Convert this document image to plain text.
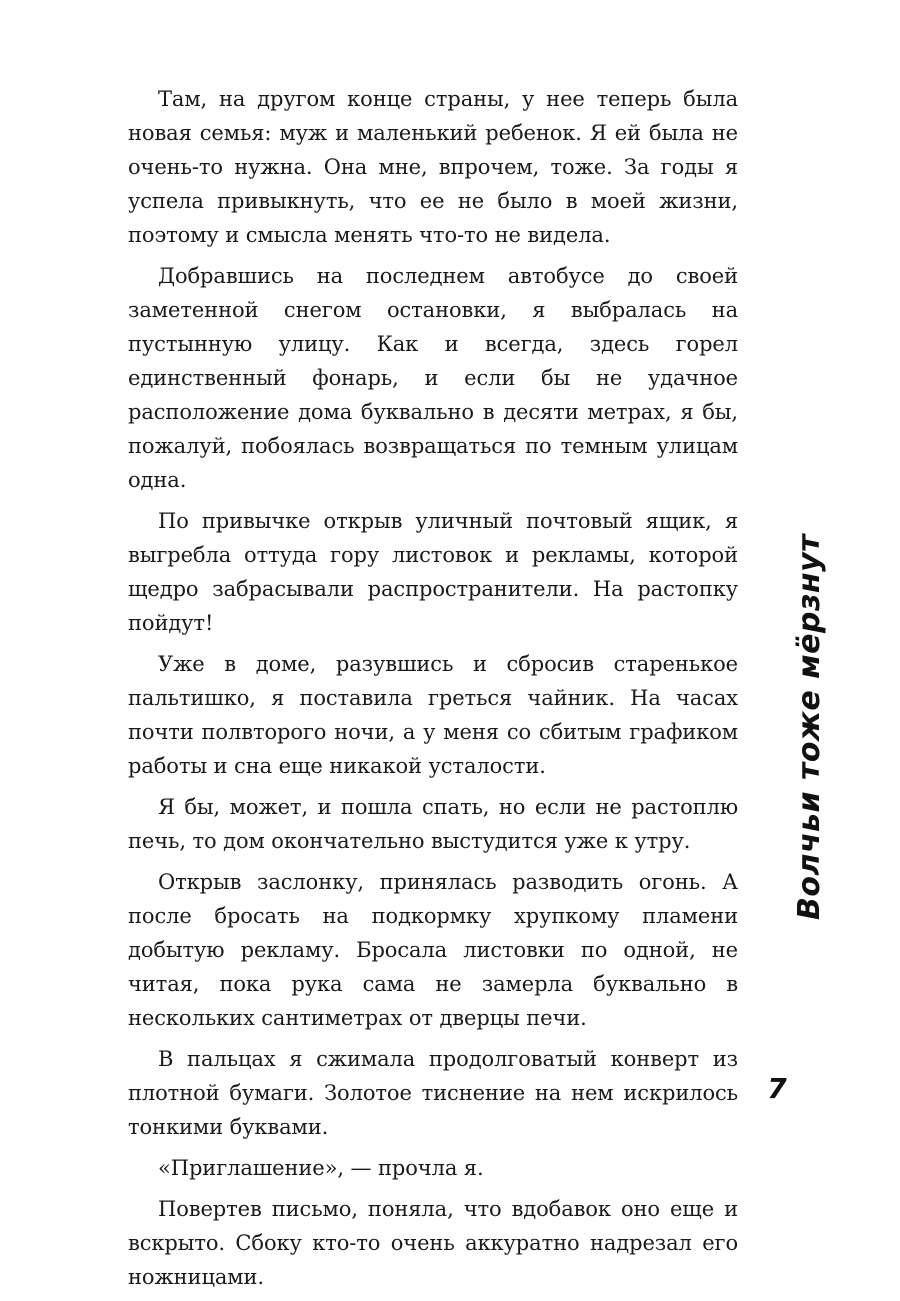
Там, на другом конце страны, у нее теперь была новая семья: муж и маленький ребенок. Я ей была не очень-то нужна. Она мне, впрочем, тоже. За годы я успела привыкнуть, что ее не было в моей жизни, поэтому и смысла менять что-то не видела.

Добравшись на последнем автобусе до своей заметенной снегом остановки, я выбралась на пустынную улицу. Как и всегда, здесь горел единственный фонарь, и если бы не удачное расположение дома буквально в десяти метрах, я бы, пожалуй, побоялась возвращаться по темным улицам одна.

По привычке открыв уличный почтовый ящик, я выгребла оттуда гору листовок и рекламы, которой щедро забрасывали распространители. На растопку пойдут!

Уже в доме, разувшись и сбросив старенькое пальтишко, я поставила греться чайник. На часах почти полвторого ночи, а у меня со сбитым графиком работы и сна еще никакой усталости.

Я бы, может, и пошла спать, но если не растоплю печь, то дом окончательно выстудится уже к утру.

Открыв заслонку, принялась разводить огонь. А после бросать на подкормку хрупкому пламени добытую рекламу. Бросала листовки по одной, не читая, пока рука сама не замерла буквально в нескольких сантиметрах от дверцы печи.

В пальцах я сжимала продолговатый конверт из плотной бумаги. Золотое тиснение на нем искрилось тонкими буквами.

«Приглашение», — прочла я.

Повертев письмо, поняла, что вдобавок оно еще и вскрыто. Сбоку кто-то очень аккуратно надрезал его ножницами.

Волчьи тоже мёрзнут
7
